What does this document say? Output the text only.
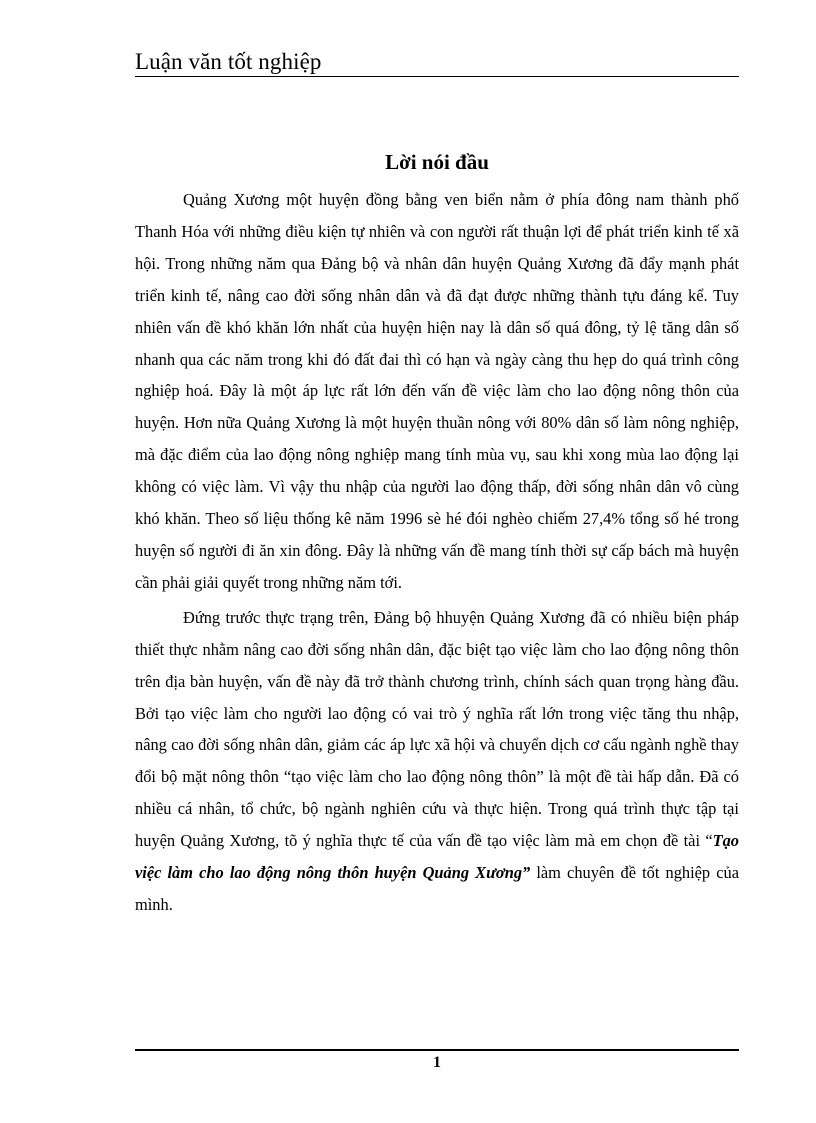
Luận văn tốt nghiệp
Lời nói đầu

Quảng Xương một huyện đồng bằng ven biển nằm ở phía đông nam thành phố Thanh Hóa với những điều kiện tự nhiên và con người rất thuận lợi để phát triển kinh tế xã hội. Trong những năm qua Đảng bộ và nhân dân huyện Quảng Xương đã đẩy mạnh phát triển kinh tế, nâng cao đời sống nhân dân và đã đạt được những thành tựu đáng kể. Tuy nhiên vấn đề khó khăn lớn nhất của huyện hiện nay là dân số quá đông, tỷ lệ tăng dân số nhanh qua các năm trong khi đó đất đai thì có hạn và ngày càng thu hẹp do quá trình công nghiệp hoá. Đây là một áp lực rất lớn đến vấn đề việc làm cho lao động nông thôn của huyện. Hơn nữa Quảng Xương là một huyện thuần nông với 80% dân số làm nông nghiệp, mà đặc điểm của lao động nông nghiệp mang tính mùa vụ, sau khi xong mùa lao động lại không có việc làm. Vì vậy thu nhập của người lao động thấp, đời sống nhân dân vô cùng khó khăn. Theo số liệu thống kê năm 1996 sè hé đói nghèo chiếm 27,4% tổng số hé trong huyện số người đi ăn xin đông. Đây là những vấn đề mang tính thời sự cấp bách mà huyện cần phải giải quyết trong những năm tới.

Đứng trước thực trạng trên, Đảng bộ hhuyện Quảng Xương đã có nhiều biện pháp thiết thực nhằm nâng cao đời sống nhân dân, đặc biệt tạo việc làm cho lao động nông thôn trên địa bàn huyện, vấn đề này đã trở thành chương trình, chính sách quan trọng hàng đầu. Bởi tạo việc làm cho người lao động có vai trò ý nghĩa rất lớn trong việc tăng thu nhập, nâng cao đời sống nhân dân, giảm các áp lực xã hội và chuyển dịch cơ cấu ngành nghề thay đổi bộ mặt nông thôn “tạo việc làm cho lao động nông thôn” là một đề tài hấp dẫn. Đã có nhiều cá nhân, tổ chức, bộ ngành nghiên cứu và thực hiện. Trong quá trình thực tập tại huyện Quảng Xương, tõ ý nghĩa thực tế của vấn đề tạo việc làm mà em chọn đề tài “Tạo việc làm cho lao động nông thôn huyện Quảng Xương” làm chuyên đề tốt nghiệp của mình.

1
